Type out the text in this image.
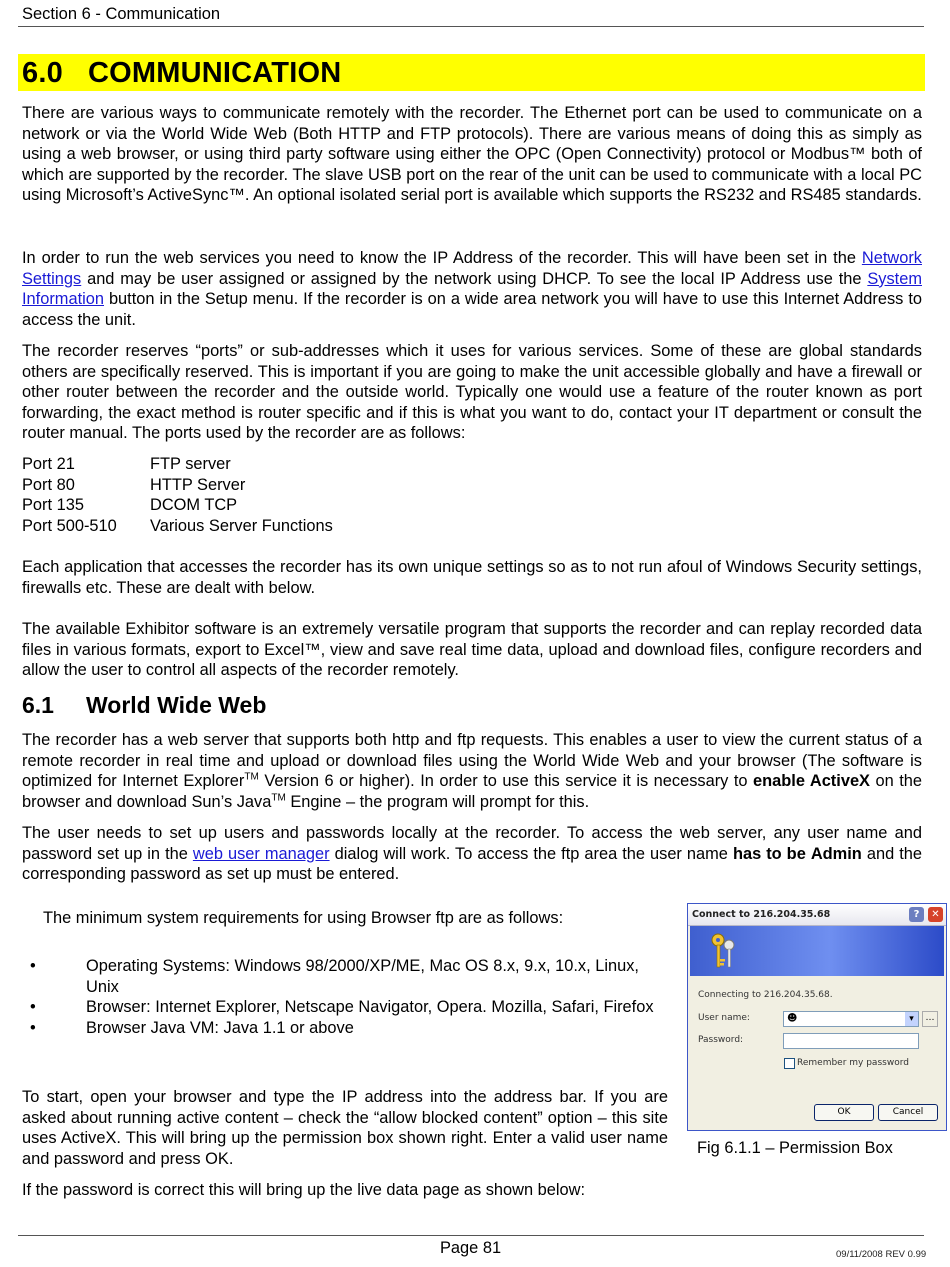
Section 6 - Communication
6.0 COMMUNICATION

There are various ways to communicate remotely with the recorder. The Ethernet port can be used to communicate on a network or via the World Wide Web (Both HTTP and FTP protocols). There are various means of doing this as simply as using a web browser, or using third party software using either the OPC (Open Connectivity) protocol or Modbus™ both of which are supported by the recorder. The slave USB port on the rear of the unit can be used to communicate with a local PC using Microsoft’s ActiveSync™. An optional isolated serial port is available which supports the RS232 and RS485 standards.

In order to run the web services you need to know the IP Address of the recorder. This will have been set in the Network Settings and may be user assigned or assigned by the network using DHCP. To see the local IP Address use the System Information button in the Setup menu. If the recorder is on a wide area network you will have to use this Internet Address to access the unit.

The recorder reserves “ports” or sub-addresses which it uses for various services. Some of these are global standards others are specifically reserved. This is important if you are going to make the unit accessible globally and have a firewall or other router between the recorder and the outside world. Typically one would use a feature of the router known as port forwarding, the exact method is router specific and if this is what you want to do, contact your IT department or consult the router manual. The ports used by the recorder are as follows:

Port 21	FTP server
Port 80	HTTP Server
Port 135	DCOM TCP
Port 500-510	Various Server Functions

Each application that accesses the recorder has its own unique settings so as to not run afoul of Windows Security settings, firewalls etc. These are dealt with below.

The available Exhibitor software is an extremely versatile program that supports the recorder and can replay recorded data files in various formats, export to Excel™, view and save real time data, upload and download files, configure recorders and allow the user to control all aspects of the recorder remotely.

6.1 World Wide Web

The recorder has a web server that supports both http and ftp requests. This enables a user to view the current status of a remote recorder in real time and upload or download files using the World Wide Web and your browser (The software is optimized for Internet Explorer™ Version 6 or higher). In order to use this service it is necessary to enable ActiveX on the browser and download Sun’s Java™ Engine – the program will prompt for this.

The user needs to set up users and passwords locally at the recorder. To access the web server, any user name and password set up in the web user manager dialog will work. To access the ftp area the user name has to be Admin and the corresponding password as set up must be entered.

The minimum system requirements for using Browser ftp are as follows:
•	Operating Systems: Windows 98/2000/XP/ME, Mac OS 8.x, 9.x, 10.x, Linux, Unix
•	Browser: Internet Explorer, Netscape Navigator, Opera. Mozilla, Safari, Firefox
•	Browser Java VM: Java 1.1 or above

To start, open your browser and type the IP address into the address bar. If you are asked about running active content – check the “allow blocked content” option – this site uses ActiveX. This will bring up the permission box shown right. Enter a valid user name and password and press OK.

If the password is correct this will bring up the live data page as shown below:

Connect to 216.204.35.68	?	✕
Connecting to 216.204.35.68.
User name:	☻	▾	…
Password:
Remember my password
OK	Cancel
Fig 6.1.1 – Permission Box
Page 81	09/11/2008 REV 0.99
